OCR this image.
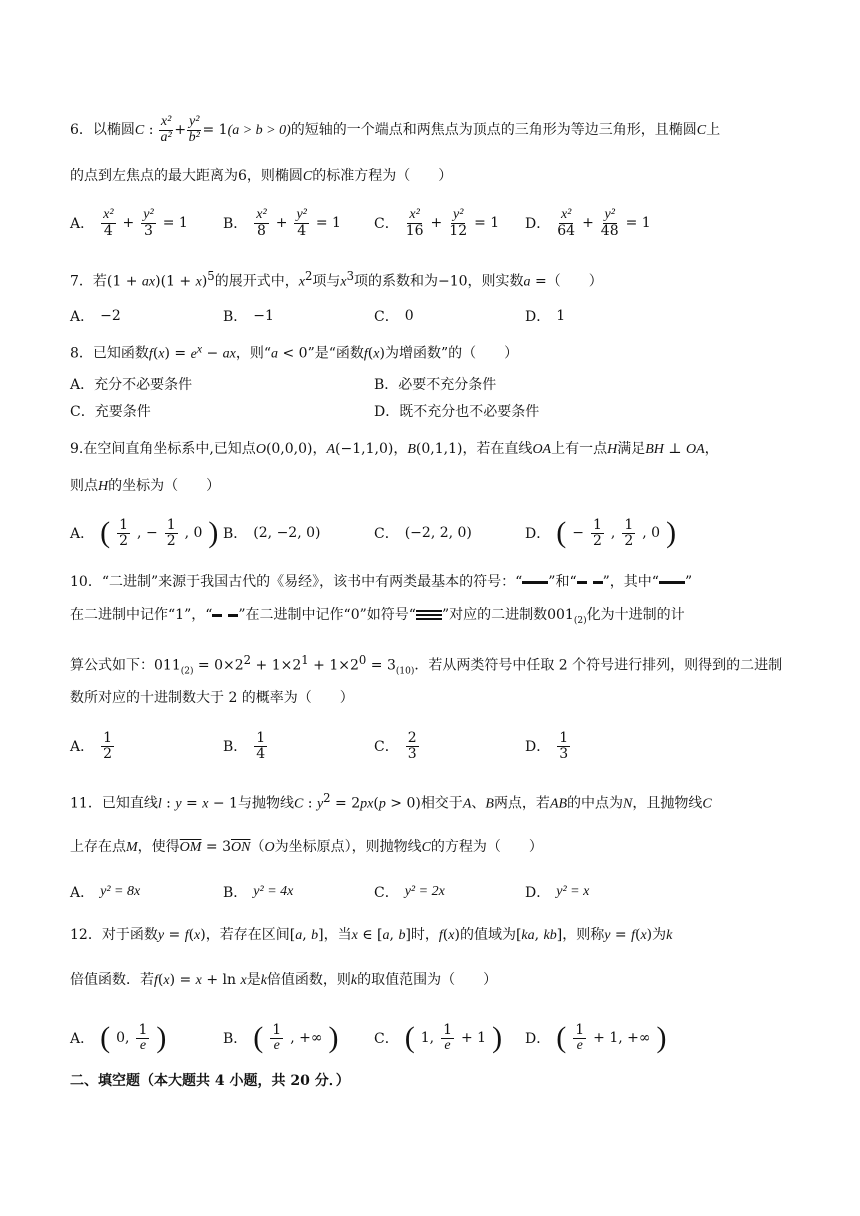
6．以椭圆C : $\frac{\text{x²}}{\text{a²}} + \frac{\text{y²}}{\text{b²}} = 1(a > b > 0)$的短轴的一个端点和两焦点为顶点的三角形为等边三角形，且椭圆C上
的点到左焦点的最大距离为6，则椭圆C的标准方程为（　　）
A． $\frac{\text{x²}}{4} + \frac{\text{y²}}{3} = 1$	B． $\frac{\text{x²}}{8} + \frac{\text{y²}}{4} = 1$ C． $\frac{\text{x²}}{16} + \frac{\text{y²}}{12} = 1$ D． $\frac{\text{x²}}{64} + \frac{\text{y²}}{48} = 1$
7．若$(1 + ax)(1 + x)^5$的展开式中，$x^2$项与$x^3$项的系数和为−10，则实数a =（　　）
A． −2	B． −1	C． 0	D． 1
8．已知函数$f(x) = e^x$ − ax，则“a < 0”是“函数f(x)为增函数”的（　　）
A．充分不必要条件	B．必要不充分条件
C．充要条件	D．既不充分也不必要条件
9.在空间直角坐标系中,已知点O(0,0,0)，A(−1,1,0)，B(0,1,1)，若在直线OA上有一点H满足BH ⊥ OA，
则点H的坐标为（　　）
A． ( $\frac{1}{2}$ , − $\frac{1}{2}$ , 0 ) B． (2, −2, 0)	C． (−2, 2, 0)	D． ( − $\frac{1}{2}$ , $\frac{1}{2}$ , 0 )
10．“二进制”来源于我国古代的《易经》，该书中有两类最基本的符号：“ ”和“ ”，其中“ ”
在二进制中记作“1”，“ ”在二进制中记作“0”如符号“ ”对应的二进制数$001_{(2)}$化为十进制的计
算公式如下：$011_{(2)} = 0\times 2^2 + 1\times 2^1 + 1\times 2^0 = 3_{(10)}$．若从两类符号中任取 2 个符号进行排列，则得到的二进制
数所对应的十进制数大于 2 的概率为（　　）
A． $\frac{1}{2}$	B． $\frac{1}{4}$	C． $\frac{2}{3}$	D． $\frac{1}{3}$
11．已知直线l : y = x − 1与抛物线C : $y^2 = 2px(p > 0)$相交于A、B两点，若AB的中点为N，且抛物线C
上存在点M，使得$\overline{OM} = 3\overline{ON}(O$为坐标原点），则抛物线C的方程为（　　）
A． y² = 8x	B． y² = 4x	C． y² = 2x	D． y² = x
12．对于函数y = f(x)，若存在区间[a, b]，当x ∈ [a, b]时，f(x)的值域为[ka, kb]，则称y = f(x)为k
倍值函数．若f(x) = x + ln x是k倍值函数，则k的取值范围为（　　）
A． ( 0, $\frac{1}{e}$ )	B． ( $\frac{1}{e}$ , +∞ )	C． ( 1, $\frac{1}{e} + 1$ ) D． ( $\frac{1}{e} + 1$, +∞ )
二、填空题（本大题共 4 小题，共 20 分．）
